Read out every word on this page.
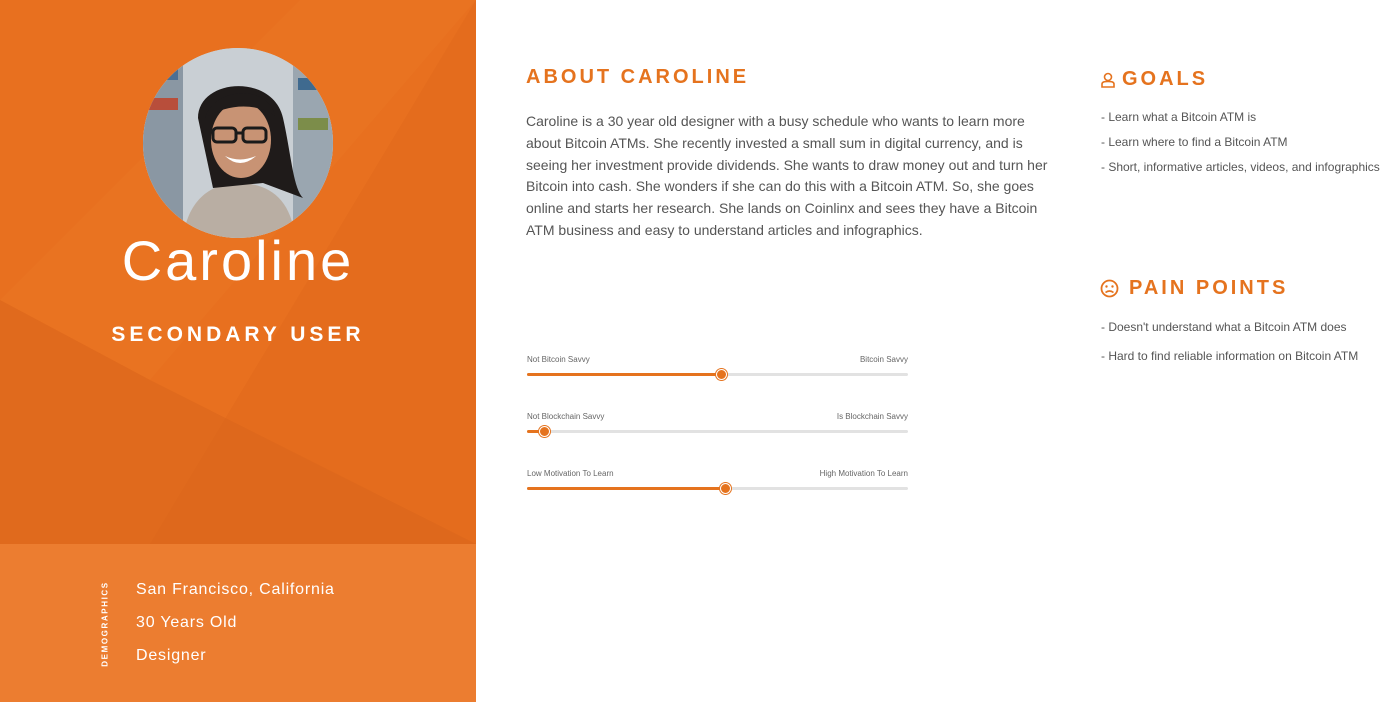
Caroline
SECONDARY USER
DEMOGRAPHICS San Francisco, California
30 Years Old
Designer
ABOUT CAROLINE
Caroline is a 30 year old designer with a busy schedule who wants to learn more about Bitcoin ATMs. She recently invested a small sum in digital currency, and is seeing her investment provide dividends. She wants to draw money out and turn her Bitcoin into cash. She wonders if she can do this with a Bitcoin ATM. So, she goes online and starts her research. She lands on Coinlinx and sees they have a Bitcoin ATM business and easy to understand articles and infographics.
Not Bitcoin Savvy	Bitcoin Savvy
Not Blockchain Savvy	Is Blockchain Savvy
Low Motivation To Learn	High Motivation To Learn
GOALS
- Learn what a Bitcoin ATM is
- Learn where to find a Bitcoin ATM
- Short, informative articles, videos, and infographics
PAIN POINTS
- Doesn't understand what a Bitcoin ATM does
- Hard to find reliable information on Bitcoin ATM
